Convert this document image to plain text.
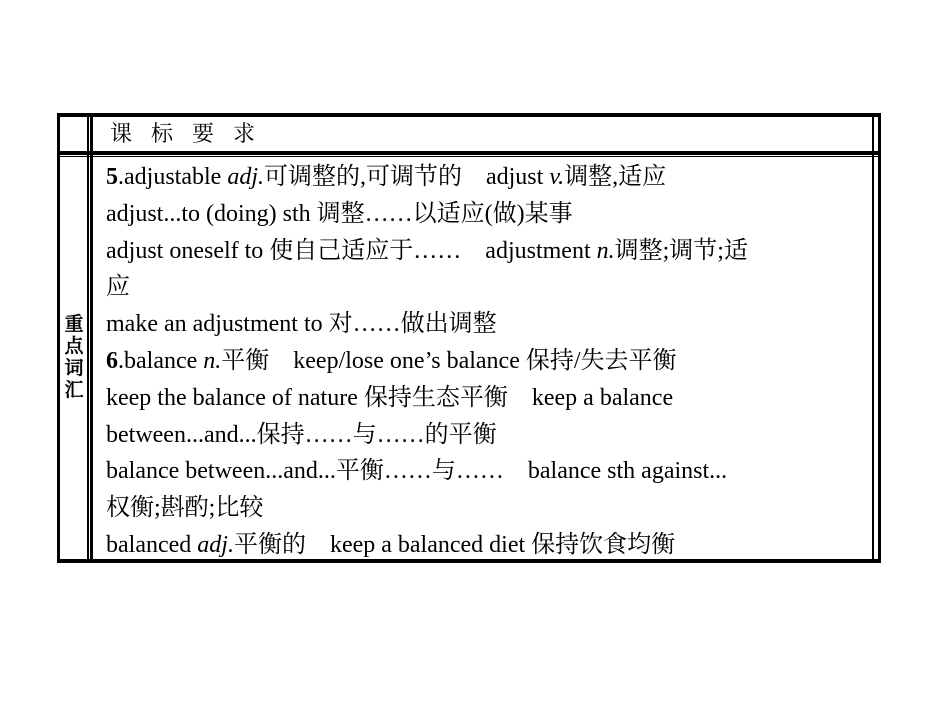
课 标 要 求
重
点
词
汇
5.adjustable adj.可调整的,可调节的　adjust v.调整,适应
adjust...to (doing) sth 调整……以适应(做)某事
adjust oneself to 使自己适应于……　adjustment n.调整;调节;适
应
make an adjustment to 对……做出调整
6.balance n.平衡　keep/lose one’s balance 保持/失去平衡
keep the balance of nature 保持生态平衡　keep a balance
between...and...保持……与……的平衡
balance between...and...平衡……与……　balance sth against...
权衡;斟酌;比较
balanced adj.平衡的　keep a balanced diet 保持饮食均衡
